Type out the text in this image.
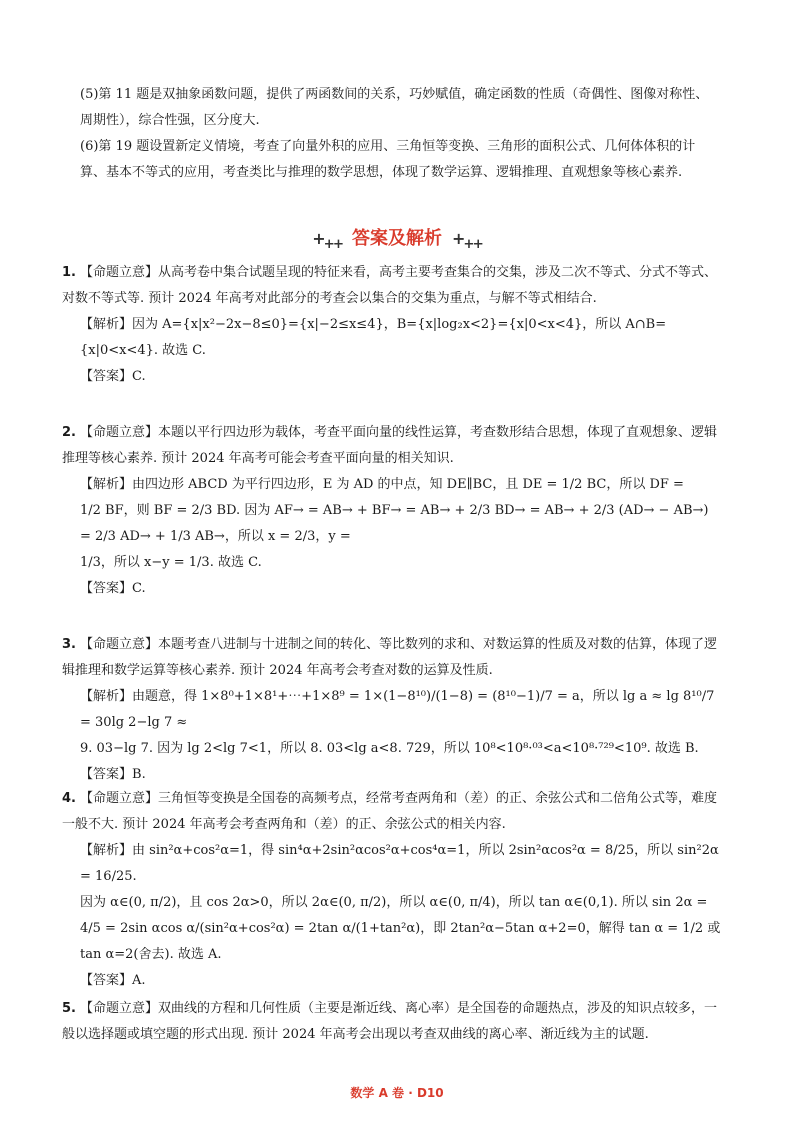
(5)第 11 题是双抽象函数问题，提供了两函数间的关系，巧妙赋值，确定函数的性质（奇偶性、图像对称性、周期性），综合性强，区分度大.

(6)第 19 题设置新定义情境，考查了向量外积的应用、三角恒等变换、三角形的面积公式、几何体体积的计算、基本不等式的应用，考查类比与推理的数学思想，体现了数学运算、逻辑推理、直观想象等核心素养.

$+_{++}$ 答案及解析 $+_{++}$

1. 【命题立意】从高考卷中集合试题呈现的特征来看，高考主要考查集合的交集，涉及二次不等式、分式不等式、对数不等式等. 预计 2024 年高考对此部分的考查会以集合的交集为重点，与解不等式相结合.

【解析】因为 A={x|x²−2x−8≤0}={x|−2≤x≤4}，B={x|log₂x<2}={x|0<x<4}，所以 A∩B={x|0<x<4}. 故选 C.

【答案】C.

2. 【命题立意】本题以平行四边形为载体，考查平面向量的线性运算，考查数形结合思想，体现了直观想象、逻辑推理等核心素养. 预计 2024 年高考可能会考查平面向量的相关知识.

【解析】由四边形 ABCD 为平行四边形，E 为 AD 的中点，知 DE∥BC，且 DE = 1/2 BC，所以 DF =

1/2 BF，则 BF = 2/3 BD. 因为 AF→ = AB→ + BF→ = AB→ + 2/3 BD→ = AB→ + 2/3 (AD→ − AB→) = 2/3 AD→ + 1/3 AB→，所以 x = 2/3，y =

1/3，所以 x−y = 1/3. 故选 C.

【答案】C.

3. 【命题立意】本题考查八进制与十进制之间的转化、等比数列的求和、对数运算的性质及对数的估算，体现了逻辑推理和数学运算等核心素养. 预计 2024 年高考会考查对数的运算及性质.

【解析】由题意，得 1×8⁰+1×8¹+⋯+1×8⁹ = 1×(1−8¹⁰)/(1−8) = (8¹⁰−1)/7 = a，所以 lg a ≈ lg 8¹⁰/7 = 30lg 2−lg 7 ≈

9. 03−lg 7. 因为 lg 2<lg 7<1，所以 8. 03<lg a<8. 729，所以 10⁸<10⁸·⁰³<a<10⁸·⁷²⁹<10⁹. 故选 B.

【答案】B.

4. 【命题立意】三角恒等变换是全国卷的高频考点，经常考查两角和（差）的正、余弦公式和二倍角公式等，难度一般不大. 预计 2024 年高考会考查两角和（差）的正、余弦公式的相关内容.

【解析】由 sin²α+cos²α=1，得 sin⁴α+2sin²αcos²α+cos⁴α=1，所以 2sin²αcos²α = 8/25，所以 sin²2α = 16/25.

因为 α∈(0, π/2)，且 cos 2α>0，所以 2α∈(0, π/2)，所以 α∈(0, π/4)，所以 tan α∈(0,1). 所以 sin 2α =

4/5 = 2sin αcos α/(sin²α+cos²α) = 2tan α/(1+tan²α)，即 2tan²α−5tan α+2=0，解得 tan α = 1/2 或 tan α=2(舍去). 故选 A.

【答案】A.

5. 【命题立意】双曲线的方程和几何性质（主要是渐近线、离心率）是全国卷的命题热点，涉及的知识点较多，一般以选择题或填空题的形式出现. 预计 2024 年高考会出现以考查双曲线的离心率、渐近线为主的试题.

数学 A 卷 · D10
